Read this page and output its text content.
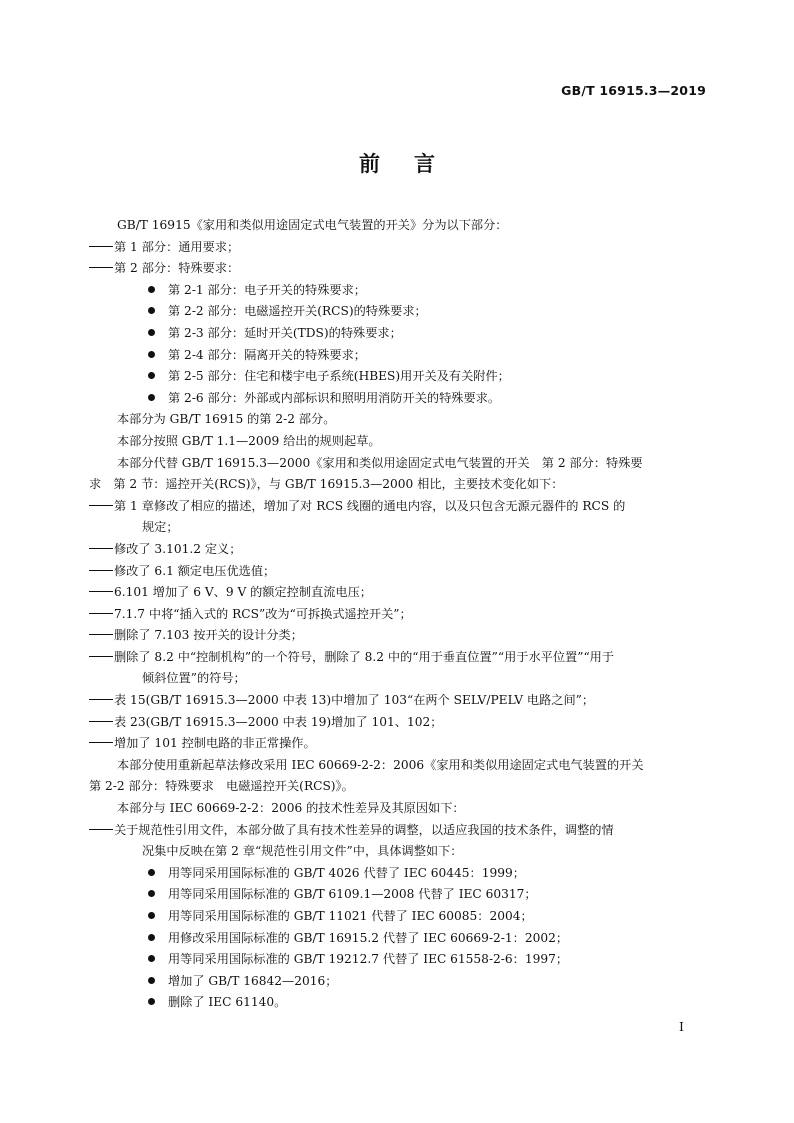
GB/T 16915.3—2019
前言
GB/T 16915《家用和类似用途固定式电气装置的开关》分为以下部分：
第 1 部分：通用要求；
第 2 部分：特殊要求：
第 2-1 部分：电子开关的特殊要求；
第 2-2 部分：电磁遥控开关(RCS)的特殊要求；
第 2-3 部分：延时开关(TDS)的特殊要求；
第 2-4 部分：隔离开关的特殊要求；
第 2-5 部分：住宅和楼宇电子系统(HBES)用开关及有关附件；
第 2-6 部分：外部或内部标识和照明用消防开关的特殊要求。
本部分为 GB/T 16915 的第 2-2 部分。
本部分按照 GB/T 1.1—2009 给出的规则起草。
本部分代替 GB/T 16915.3—2000《家用和类似用途固定式电气装置的开关　第 2 部分：特殊要
求　第 2 节：遥控开关(RCS)》，与 GB/T 16915.3—2000 相比，主要技术变化如下：
第 1 章修改了相应的描述，增加了对 RCS 线圈的通电内容，以及只包含无源元器件的 RCS 的
规定；
修改了 3.101.2 定义；
修改了 6.1 额定电压优选值；
6.101 增加了 6 V、9 V 的额定控制直流电压；
7.1.7 中将“插入式的 RCS”改为“可拆换式遥控开关”；
删除了 7.103 按开关的设计分类；
删除了 8.2 中“控制机构”的一个符号，删除了 8.2 中的“用于垂直位置”“用于水平位置”“用于
倾斜位置”的符号；
表 15(GB/T 16915.3—2000 中表 13)中增加了 103“在两个 SELV/PELV 电路之间”；
表 23(GB/T 16915.3—2000 中表 19)增加了 101、102；
增加了 101 控制电路的非正常操作。
本部分使用重新起草法修改采用 IEC 60669-2-2：2006《家用和类似用途固定式电气装置的开关
第 2-2 部分：特殊要求　电磁遥控开关(RCS)》。
本部分与 IEC 60669-2-2：2006 的技术性差异及其原因如下：
关于规范性引用文件，本部分做了具有技术性差异的调整，以适应我国的技术条件，调整的情
况集中反映在第 2 章“规范性引用文件”中，具体调整如下：
用等同采用国际标准的 GB/T 4026 代替了 IEC 60445：1999；
用等同采用国际标准的 GB/T 6109.1—2008 代替了 IEC 60317；
用等同采用国际标准的 GB/T 11021 代替了 IEC 60085：2004；
用修改采用国际标准的 GB/T 16915.2 代替了 IEC 60669-2-1：2002；
用等同采用国际标准的 GB/T 19212.7 代替了 IEC 61558-2-6：1997；
增加了 GB/T 16842—2016；
删除了 IEC 61140。
I
